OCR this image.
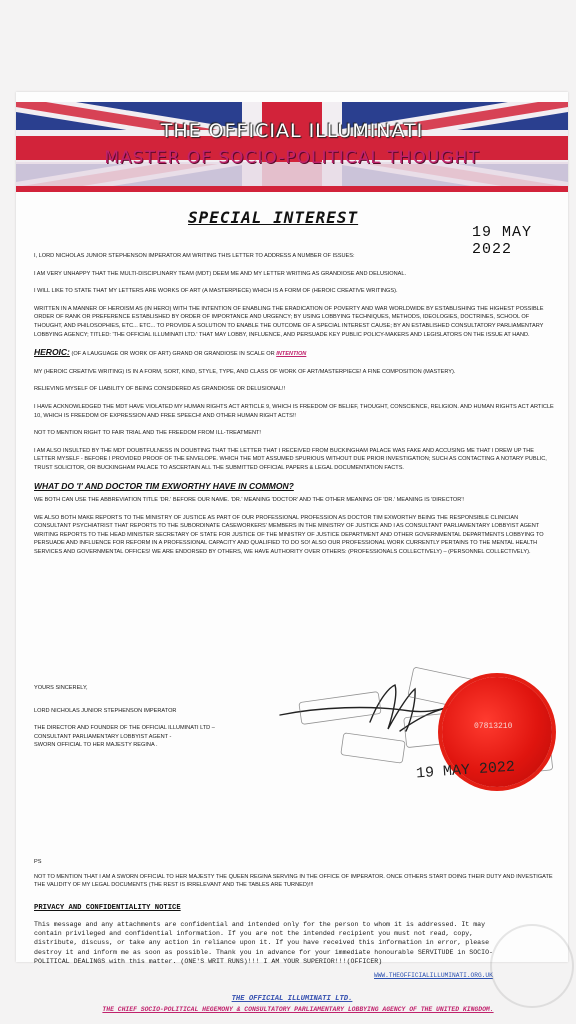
THE OFFICIAL ILLUMINATI
MASTER OF SOCIO-POLITICAL THOUGHT
SPECIAL INTEREST
19 MAY 2022

I, LORD NICHOLAS JUNIOR STEPHENSON IMPERATOR AM WRITING THIS LETTER TO ADDRESS A NUMBER OF ISSUES:

I AM VERY UNHAPPY THAT THE MULTI-DISCIPLINARY TEAM (MDT) DEEM ME AND MY LETTER WRITING AS GRANDIOSE AND DELUSIONAL.

I WILL LIKE TO STATE THAT MY LETTERS ARE WORKS OF ART (A MASTERPIECE) WHICH IS A FORM OF (HEROIC CREATIVE WRITINGS).

WRITTEN IN A MANNER OF HEROISM AS (IN HERO) WITH THE INTENTION OF ENABLING THE ERADICATION OF POVERTY AND WAR WORLDWIDE BY ESTABLISHING THE HIGHEST POSSIBLE ORDER OF RANK OR PREFERENCE ESTABLISHED BY ORDER OF IMPORTANCE AND URGENCY; BY USING LOBBYING TECHNIQUES, METHODS, IDEOLOGIES, DOCTRINES, SCHOOL OF THOUGHT, AND PHILOSOPHIES, ETC... ETC... TO PROVIDE A SOLUTION TO ENABLE THE OUTCOME OF A SPECIAL INTEREST CAUSE; BY AN ESTABLISHED CONSULTATORY PARLIAMENTARY LOBBYING AGENCY; TITLED: 'THE OFFICIAL ILLUMINATI LTD.' THAT MAY LOBBY, INFLUENCE, AND PERSUADE KEY PUBLIC POLICY-MAKERS AND LEGISLATORS ON THE ISSUE AT HAND.

HEROIC: (OF A LAUGUAGE OR WORK OF ART) GRAND OR GRANDIOSE IN SCALE OR INTENTION

MY (HEROIC CREATIVE WRITING) IS IN A FORM, SORT, KIND, STYLE, TYPE, AND CLASS OF WORK OF ART/MASTERPIECE! A FINE COMPOSITION (MASTERY).

RELIEVING MYSELF OF LIABILITY OF BEING CONSIDERED AS GRANDIOSE OR DELUSIONAL!!

I HAVE ACKNOWLEDGED THE MDT HAVE VIOLATED MY HUMAN RIGHTS ACT ARTICLE 9, WHICH IS FREEDOM OF BELIEF, THOUGHT, CONSCIENCE, RELIGION. AND HUMAN RIGHTS ACT ARTICLE 10, WHICH IS FREEDOM OF EXPRESSION AND FREE SPEECH! AND OTHER HUMAN RIGHT ACTS!!

NOT TO MENTION RIGHT TO FAIR TRIAL AND THE FREEDOM FROM ILL-TREATMENT!

I AM ALSO INSULTED BY THE MDT DOUBTFULNESS IN DOUBTING THAT THE LETTER THAT I RECEIVED FROM BUCKINGHAM PALACE WAS FAKE AND ACCUSING ME THAT I DREW UP THE LETTER MYSELF - BEFORE I PROVIDED PROOF OF THE ENVELOPE. WHICH THE MDT ASSUMED SPURIOUS WITHOUT DUE PRIOR INVESTIGATION; SUCH AS CONTACTING A NOTARY PUBLIC, TRUST SOLICITOR, OR BUCKINGHAM PALACE TO ASCERTAIN ALL THE SUBMITTED OFFICIAL PAPERS & LEGAL DOCUMENTATION FACTS.

WHAT DO 'I' AND DOCTOR TIM EXWORTHY HAVE IN COMMON?

WE BOTH CAN USE THE ABBREVIATION TITLE 'DR.' BEFORE OUR NAME. 'DR.' MEANING 'DOCTOR' AND THE OTHER MEANING OF 'DR.' MEANING IS 'DIRECTOR'!

WE ALSO BOTH MAKE REPORTS TO THE MINISTRY OF JUSTICE AS PART OF OUR PROFESSIONAL PROFESSION AS DOCTOR TIM EXWORTHY BEING THE RESPONSIBLE CLINICIAN CONSULTANT PSYCHIATRIST THAT REPORTS TO THE SUBORDINATE CASEWORKERS' MEMBERS IN THE MINISTRY OF JUSTICE AND I AS CONSULTANT PARLIAMENTARY LOBBYIST AGENT WRITING REPORTS TO THE HEAD MINISTER SECRETARY OF STATE FOR JUSTICE OF THE MINISTRY OF JUSTICE DEPARTMENT AND OTHER GOVERNMENTAL DEPARTMENTS LOBBYING TO PERSUADE AND INFLUENCE FOR REFORM IN A PROFESSIONAL CAPACITY AND QUALIFIED TO DO SO! ALSO OUR PROFESSIONAL WORK CURRENTLY PERTAINS TO THE MENTAL HEALTH SERVICES AND GOVERNMENTAL OFFICES! WE ARE ENDORSED BY OTHERS, WE HAVE AUTHORITY OVER OTHERS: (PROFESSIONALS COLLECTIVELY) – (PERSONNEL COLLECTIVELY).

YOURS SINCERELY,

LORD NICHOLAS JUNIOR STEPHENSON IMPERATOR

THE DIRECTOR AND FOUNDER OF THE OFFICIAL ILLUMINATI LTD –
CONSULTANT PARLIAMENTARY LOBBYIST AGENT -
SWORN OFFICIAL TO HER MAJESTY REGINA .
07813210
19 MAY 2022

PS

NOT TO MENTION THAT I AM A SWORN OFFICIAL TO HER MAJESTY THE QUEEN REGINA SERVING IN THE OFFICE OF IMPERATOR. ONCE OTHERS START DOING THEIR DUTY AND INVESTIGATE THE VALIDITY OF MY LEGAL DOCUMENTS (THE REST IS IRRELEVANT AND THE TABLES ARE TURNED)!!!

PRIVACY AND CONFIDENTIALITY NOTICE
This message and any attachments are confidential and intended only for the person to whom it is addressed. It may contain privileged and confidential information. If you are not the intended recipient you must not read, copy, distribute, discuss, or take any action in reliance upon it. If you have received this information in error, please destroy it and inform me as soon as possible. Thank you in advance for your immediate honourable SERVITUDE in SOCIO-POLITICAL DEALINGS with this matter. (ONE'S WRIT RUNS)!!! I AM YOUR SUPERIOR!!!(OFFICER)
WWW.THEOFFICIALILLUMINATI.ORG.UK
THE OFFICIAL ILLUMINATI LTD.
THE CHIEF SOCIO-POLITICAL HEGEMONY & CONSULTATORY PARLIAMENTARY LOBBYING AGENCY OF THE UNITED KINGDOM.
